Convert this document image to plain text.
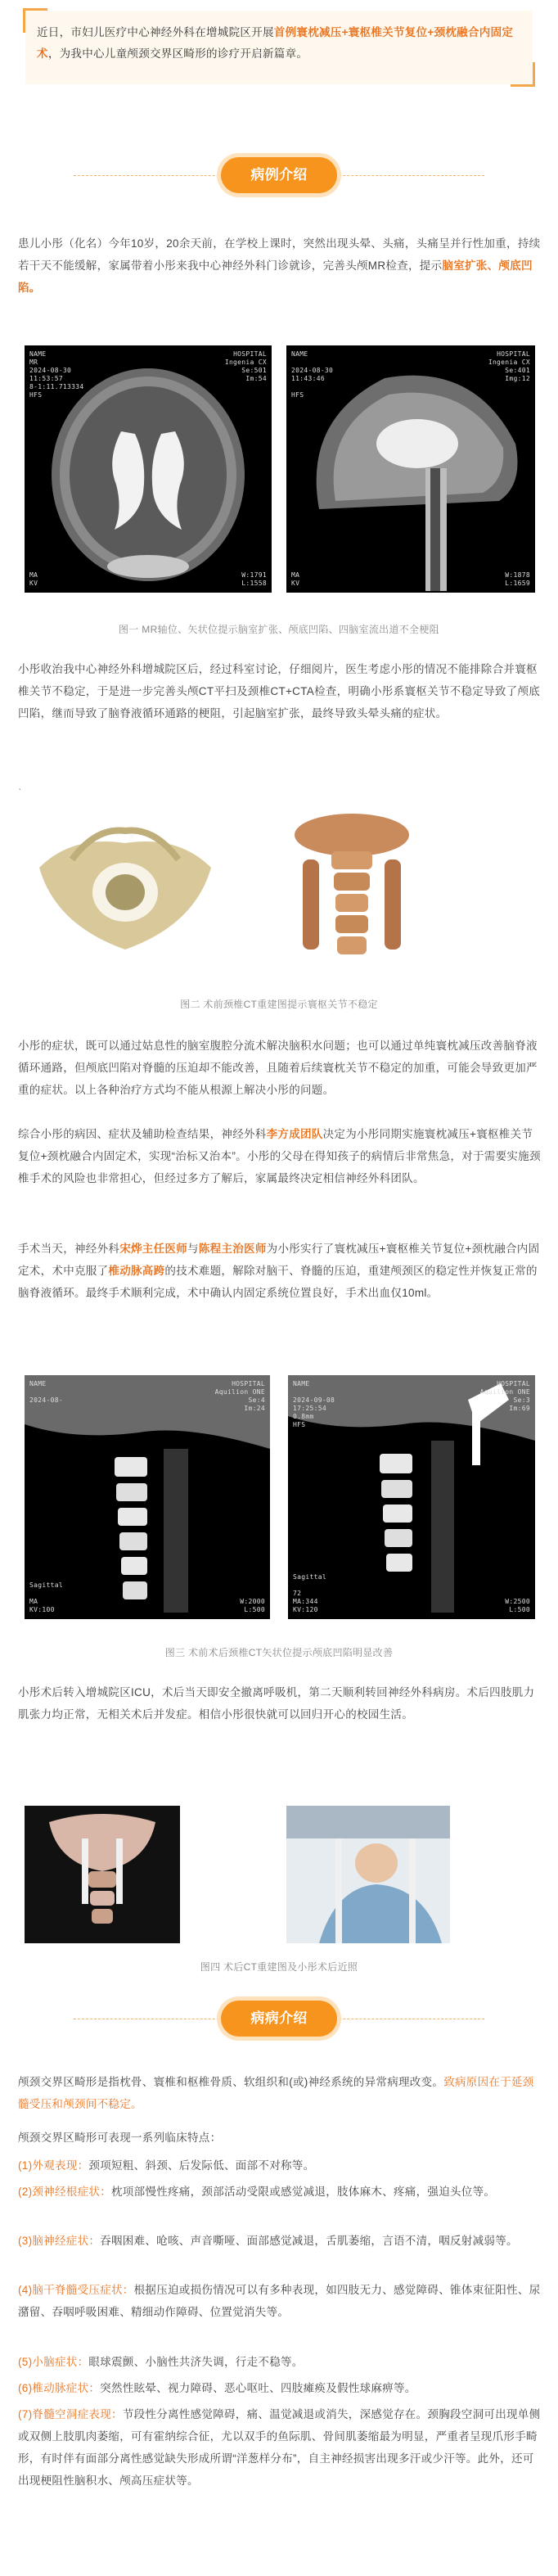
近日，市妇儿医疗中心神经外科在增城院区开展首例寰枕减压+寰枢椎关节复位+颈枕融合内固定术，为我中心儿童颅颈交界区畸形的诊疗开启新篇章。
病例介绍
患儿小彤（化名）今年10岁，20余天前，在学校上课时，突然出现头晕、头痛，头痛呈并行性加重，持续若干天不能缓解，家属带着小彤来我中心神经外科门诊就诊，完善头颅MR检查，提示脑室扩张、颅底凹陷。
NAME
MR
2024-08-30
11:53:57
8-1:11.713334
HFS
HOSPITAL
Ingenia CX
Se:501
Im:54
MA
KV
W:1791
L:1558
NAME

2024-08-30
11:43:46

HFS
HOSPITAL
Ingenia CX
Se:401
Img:12
MA
KV
W:1878
L:1659
图一 MR轴位、矢状位提示脑室扩张、颅底凹陷、四脑室流出道不全梗阻
小彤收治我中心神经外科增城院区后，经过科室讨论，仔细阅片，医生考虑小彤的情况不能排除合并寰枢椎关节不稳定，于是进一步完善头颅CT平扫及颈椎CT+CTA检查，明确小彤系寰枢关节不稳定导致了颅底凹陷，继而导致了脑脊液循环通路的梗阻，引起脑室扩张，最终导致头晕头痛的症状。
·
图二 术前颈椎CT重建图提示寰枢关节不稳定
小彤的症状，既可以通过姑息性的脑室腹腔分流术解决脑积水问题；也可以通过单纯寰枕减压改善脑脊液循环通路，但颅底凹陷对脊髓的压迫却不能改善，且随着后续寰枕关节不稳定的加重，可能会导致更加严重的症状。以上各种治疗方式均不能从根源上解决小彤的问题。
综合小彤的病因、症状及辅助检查结果，神经外科李方成团队决定为小彤同期实施寰枕减压+寰枢椎关节复位+颈枕融合内固定术，实现“治标又治本”。小彤的父母在得知孩子的病情后非常焦急，对于需要实施颈椎手术的风险也非常担心，但经过多方了解后，家属最终决定相信神经外科团队。
手术当天，神经外科宋烨主任医师与陈程主治医师为小彤实行了寰枕减压+寰枢椎关节复位+颈枕融合内固定术，术中克服了椎动脉高跨的技术难题，解除对脑干、脊髓的压迫，重建颅颈区的稳定性并恢复正常的脑脊液循环。最终手术顺利完成，术中确认内固定系统位置良好，手术出血仅10ml。
NAME

2024-08-

HOSPITAL
Aquilion ONE
Se:4
Im:24
Sagittal

MA
KV:100
W:2000
L:500
NAME

2024-09-08
17:25:54
0.8mm
HFS
HOSPITAL
Aquilion ONE
Se:3
Im:69
Sagittal

72
MA:344
KV:120
W:2500
L:500
图三 术前术后颈椎CT矢状位提示颅底凹陷明显改善
小彤术后转入增城院区ICU，术后当天即安全撤离呼吸机，第二天顺利转回神经外科病房。术后四肢肌力肌张力均正常，无相关术后并发症。相信小彤很快就可以回归开心的校园生活。
图四 术后CT重建图及小彤术后近照
病病介绍
颅颈交界区畸形是指枕骨、寰椎和枢椎骨质、软组织和(或)神经系统的异常病理改变。致病原因在于延颈髓受压和颅颈间不稳定。
颅颈交界区畸形可表现一系列临床特点：
(1)外观表现：颈项短粗、斜颈、后发际低、面部不对称等。
(2)颈神经根症状：枕项部慢性疼痛，颈部活动受限或感觉减退，肢体麻木、疼痛，强迫头位等。
(3)脑神经症状：吞咽困难、呛咳、声音嘶哑、面部感觉减退，舌肌萎缩，言语不清，咽反射减弱等。
(4)脑干脊髓受压症状：根据压迫或损伤情况可以有多种表现，如四肢无力、感觉障碍、锥体束征阳性、尿潴留、吞咽呼吸困难、精细动作障碍、位置觉消失等。
(5)小脑症状：眼球震颤、小脑性共济失调，行走不稳等。
(6)椎动脉症状：突然性眩晕、视力障碍、恶心呕吐、四肢瘫痪及假性球麻痹等。
(7)脊髓空洞症表现：节段性分离性感觉障碍，痛、温觉减退或消失，深感觉存在。颈胸段空洞可出现单侧或双侧上肢肌肉萎缩，可有霍纳综合征，尤以双手的鱼际肌、骨间肌萎缩最为明显，严重者呈现爪形手畸形，有时伴有面部分离性感觉缺失形成所谓“洋葱样分布”，自主神经损害出现多汗或少汗等。此外，还可出现梗阻性脑积水、颅高压症状等。
